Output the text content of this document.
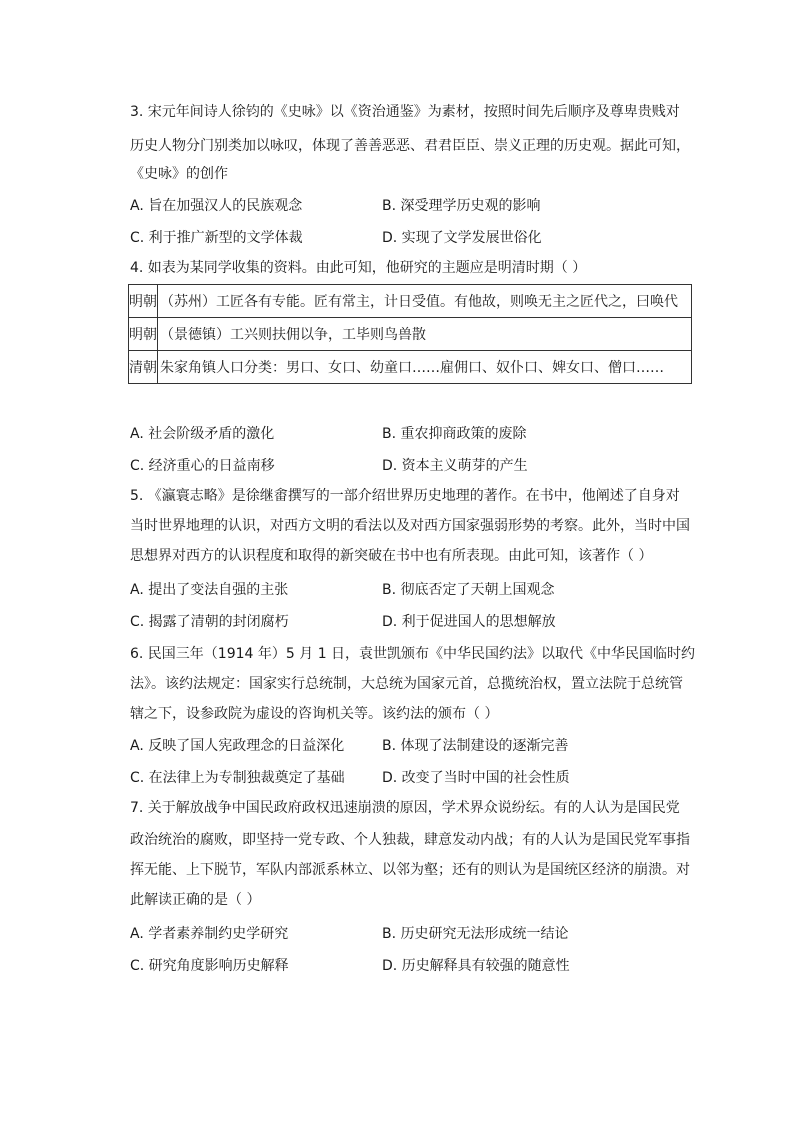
3. 宋元年间诗人徐钧的《史咏》以《资治通鉴》为素材，按照时间先后顺序及尊卑贵贱对
历史人物分门别类加以咏叹，体现了善善恶恶、君君臣臣、崇义正理的历史观。据此可知，
《史咏》的创作
A. 旨在加强汉人的民族观念	B. 深受理学历史观的影响
C. 利于推广新型的文学体裁	D. 实现了文学发展世俗化
4. 如表为某同学收集的资料。由此可知，他研究的主题应是明清时期（ ）
明朝	（苏州）工匠各有专能。匠有常主，计日受值。有他故，则唤无主之匠代之，曰唤代
明朝	（景德镇）工兴则扶佣以争，工毕则鸟兽散
清朝	朱家角镇人口分类：男口、女口、幼童口……雇佣口、奴仆口、婢女口、僧口……
A. 社会阶级矛盾的激化	B. 重农抑商政策的废除
C. 经济重心的日益南移	D. 资本主义萌芽的产生
5. 《瀛寰志略》是徐继畬撰写的一部介绍世界历史地理的著作。在书中，他阐述了自身对
当时世界地理的认识，对西方文明的看法以及对西方国家强弱形势的考察。此外，当时中国
思想界对西方的认识程度和取得的新突破在书中也有所表现。由此可知，该著作（ ）
A. 提出了变法自强的主张	B. 彻底否定了天朝上国观念
C. 揭露了清朝的封闭腐朽	D. 利于促进国人的思想解放
6. 民国三年（1914 年）5 月 1 日，袁世凯颁布《中华民国约法》以取代《中华民国临时约
法》。该约法规定：国家实行总统制，大总统为国家元首，总揽统治权，置立法院于总统管
辖之下，设参政院为虚设的咨询机关等。该约法的颁布（ ）
A. 反映了国人宪政理念的日益深化	B. 体现了法制建设的逐渐完善
C. 在法律上为专制独裁奠定了基础	D. 改变了当时中国的社会性质
7. 关于解放战争中国民政府政权迅速崩溃的原因，学术界众说纷纭。有的人认为是国民党
政治统治的腐败，即坚持一党专政、个人独裁，肆意发动内战；有的人认为是国民党军事指
挥无能、上下脱节，军队内部派系林立、以邻为壑；还有的则认为是国统区经济的崩溃。对
此解读正确的是（ ）
A. 学者素养制约史学研究	B. 历史研究无法形成统一结论
C. 研究角度影响历史解释	D. 历史解释具有较强的随意性
